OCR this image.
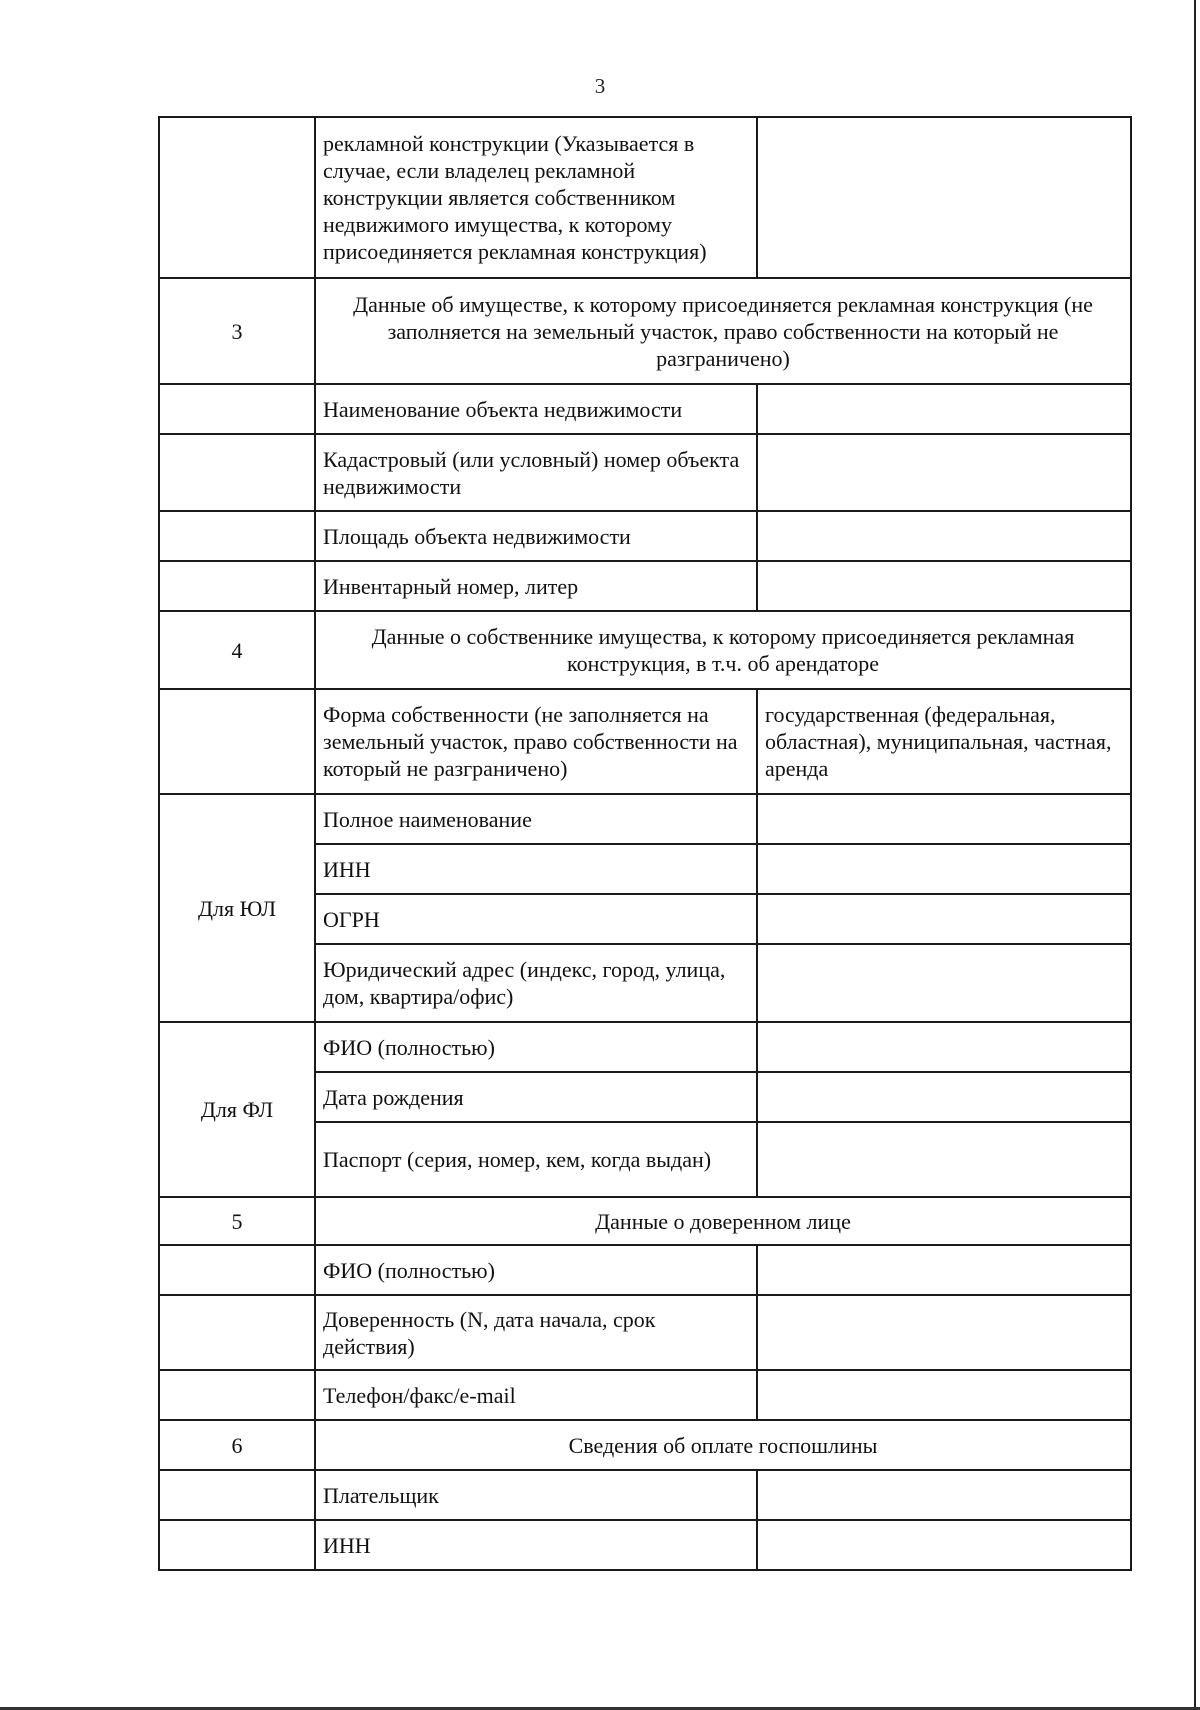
3
	рекламной конструкции (Указывается в случае, если владелец рекламной конструкции является собственником недвижимого имущества, к которому присоединяется рекламная конструкция)	
3	Данные об имуществе, к которому присоединяется рекламная конструкция (не заполняется на земельный участок, право собственности на который не разграничено)	
	Наименование объекта недвижимости	
	Кадастровый (или условный) номер объекта недвижимости	
	Площадь объекта недвижимости	
	Инвентарный номер, литер	
4	Данные о собственнике имущества, к которому присоединяется рекламная конструкция, в т.ч. об арендаторе	
	Форма собственности (не заполняется на земельный участок, право собственности на который не разграничено)	государственная (федеральная, областная), муниципальная, частная, аренда
Для ЮЛ	Полное наименование	
	ИНН	
	ОГРН	
	Юридический адрес (индекс, город, улица, дом, квартира/офис)	
Для ФЛ	ФИО (полностью)	
	Дата рождения	
	Паспорт (серия, номер, кем, когда выдан)	
5	Данные о доверенном лице	
	ФИО (полностью)	
	Доверенность (N, дата начала, срок действия)	
	Телефон/факс/e-mail	
6	Сведения об оплате госпошлины	
	Плательщик	
	ИНН	
